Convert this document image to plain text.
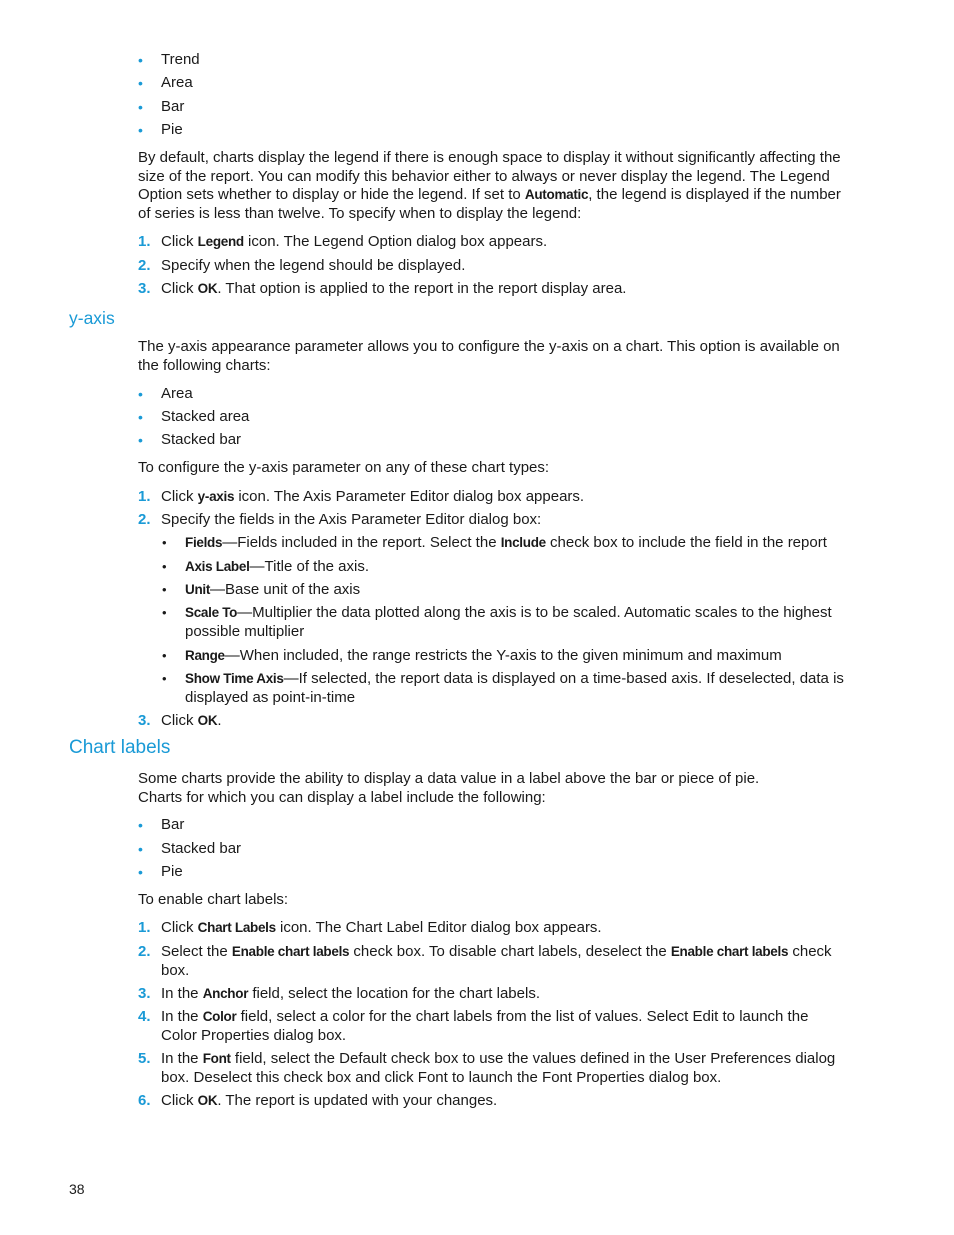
• Trend
• Area
• Bar
• Pie
By default, charts display the legend if there is enough space to display it without significantly affecting the size of the report. You can modify this behavior either to always or never display the legend. The Legend Option sets whether to display or hide the legend. If set to Automatic, the legend is displayed if the number of series is less than twelve. To specify when to display the legend:
1. Click Legend icon. The Legend Option dialog box appears.
2. Specify when the legend should be displayed.
3. Click OK. That option is applied to the report in the report display area.
y-axis
The y-axis appearance parameter allows you to configure the y-axis on a chart. This option is available on the following charts:
• Area
• Stacked area
• Stacked bar
To configure the y-axis parameter on any of these chart types:
1. Click y-axis icon. The Axis Parameter Editor dialog box appears.
2. Specify the fields in the Axis Parameter Editor dialog box:
• Fields—Fields included in the report. Select the Include check box to include the field in the report
• Axis Label—Title of the axis.
• Unit—Base unit of the axis
• Scale To—Multiplier the data plotted along the axis is to be scaled. Automatic scales to the highest possible multiplier
• Range—When included, the range restricts the Y-axis to the given minimum and maximum
• Show Time Axis—If selected, the report data is displayed on a time-based axis. If deselected, data is displayed as point-in-time
3. Click OK.
Chart labels
Some charts provide the ability to display a data value in a label above the bar or piece of pie. Charts for which you can display a label include the following:
• Bar
• Stacked bar
• Pie
To enable chart labels:
1. Click Chart Labels icon. The Chart Label Editor dialog box appears.
2. Select the Enable chart labels check box. To disable chart labels, deselect the Enable chart labels check box.
3. In the Anchor field, select the location for the chart labels.
4. In the Color field, select a color for the chart labels from the list of values. Select Edit to launch the Color Properties dialog box.
5. In the Font field, select the Default check box to use the values defined in the User Preferences dialog box. Deselect this check box and click Font to launch the Font Properties dialog box.
6. Click OK. The report is updated with your changes.
38
